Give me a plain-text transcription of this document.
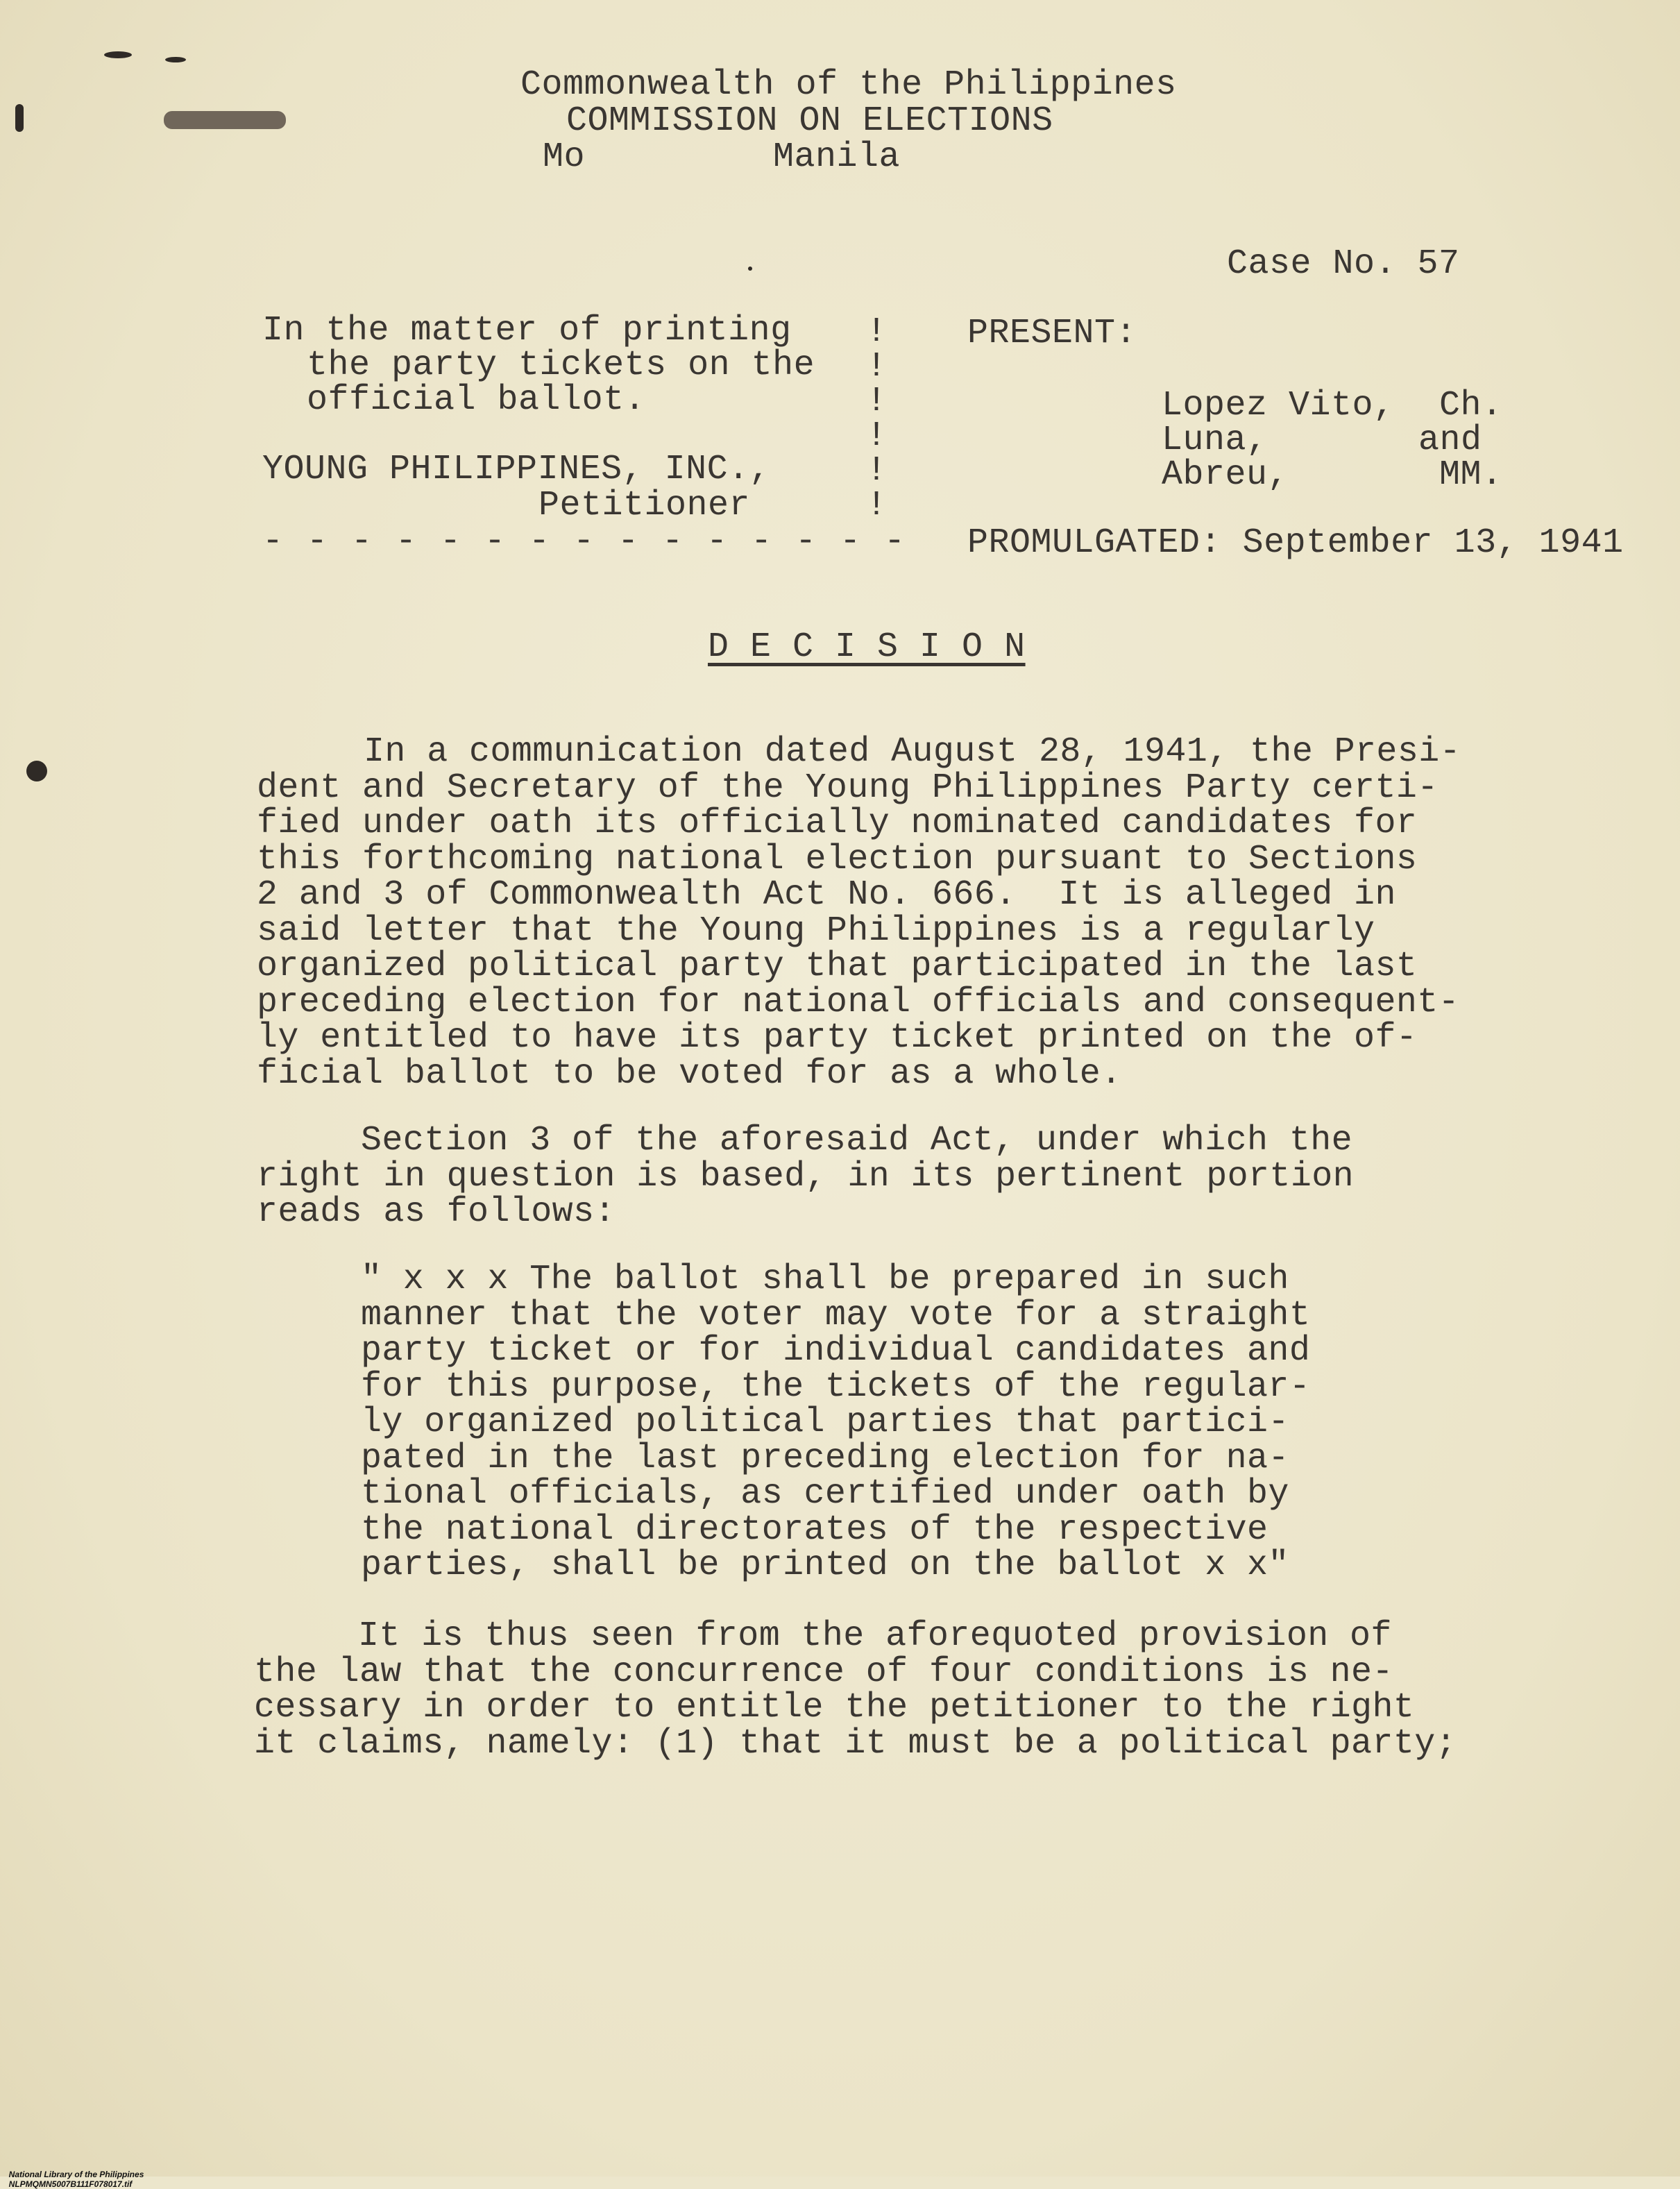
Commonwealth of the Philippines
COMMISSION ON ELECTIONS
Mo	Manila
Case No. 57
In the matter of printing
the party tickets on the
official ballot.
YOUNG PHILIPPINES, INC.,
Petitioner
!
!
!
!
!
!
- - - - - - - - - - - - - - -
PRESENT:
Lopez Vito, Ch.
Luna,	and
Abreu,	MM.
PROMULGATED: September 13, 1941
D E C I S I O N
In a communication dated August 28, 1941, the Presi-
dent and Secretary of the Young Philippines Party certi-
fied under oath its officially nominated candidates for
this forthcoming national election pursuant to Sections
2 and 3 of Commonwealth Act No. 666.  It is alleged in
said letter that the Young Philippines is a regularly
organized political party that participated in the last
preceding election for national officials and consequent-
ly entitled to have its party ticket printed on the of-
ficial ballot to be voted for as a whole.
Section 3 of the aforesaid Act, under which the
right in question is based, in its pertinent portion
reads as follows:
" x x x The ballot shall be prepared in such
manner that the voter may vote for a straight
party ticket or for individual candidates and
for this purpose, the tickets of the regular-
ly organized political parties that partici-
pated in the last preceding election for na-
tional officials, as certified under oath by
the national directorates of the respective
parties, shall be printed on the ballot x x"
It is thus seen from the aforequoted provision of
the law that the concurrence of four conditions is ne-
cessary in order to entitle the petitioner to the right
it claims, namely: (1) that it must be a political party;

National Library of the Philippines
NLPMQMN5007B111F078017.tif
